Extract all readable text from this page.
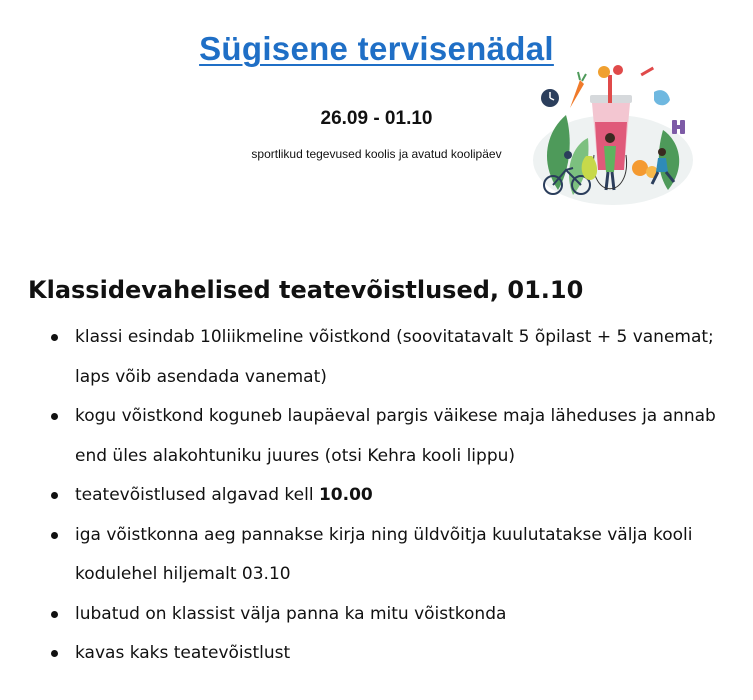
Sügisene tervisenädal
26.09 - 01.10
sportlikud tegevused koolis ja avatud koolipäev
Klassidevahelised teatevõistlused, 01.10
klassi esindab 10liikmeline võistkond (soovitatavalt 5 õpilast + 5 vanemat; laps võib asendada vanemat)
kogu võistkond koguneb laupäeval pargis väikese maja läheduses ja annab end üles alakohtuniku juures (otsi Kehra kooli lippu)
teatevõistlused algavad kell 10.00
iga võistkonna aeg pannakse kirja ning üldvõitja kuulutatakse välja kooli kodulehel hiljemalt 03.10
lubatud on klassist välja panna ka mitu võistkonda
kavas kaks teatevõistlust
